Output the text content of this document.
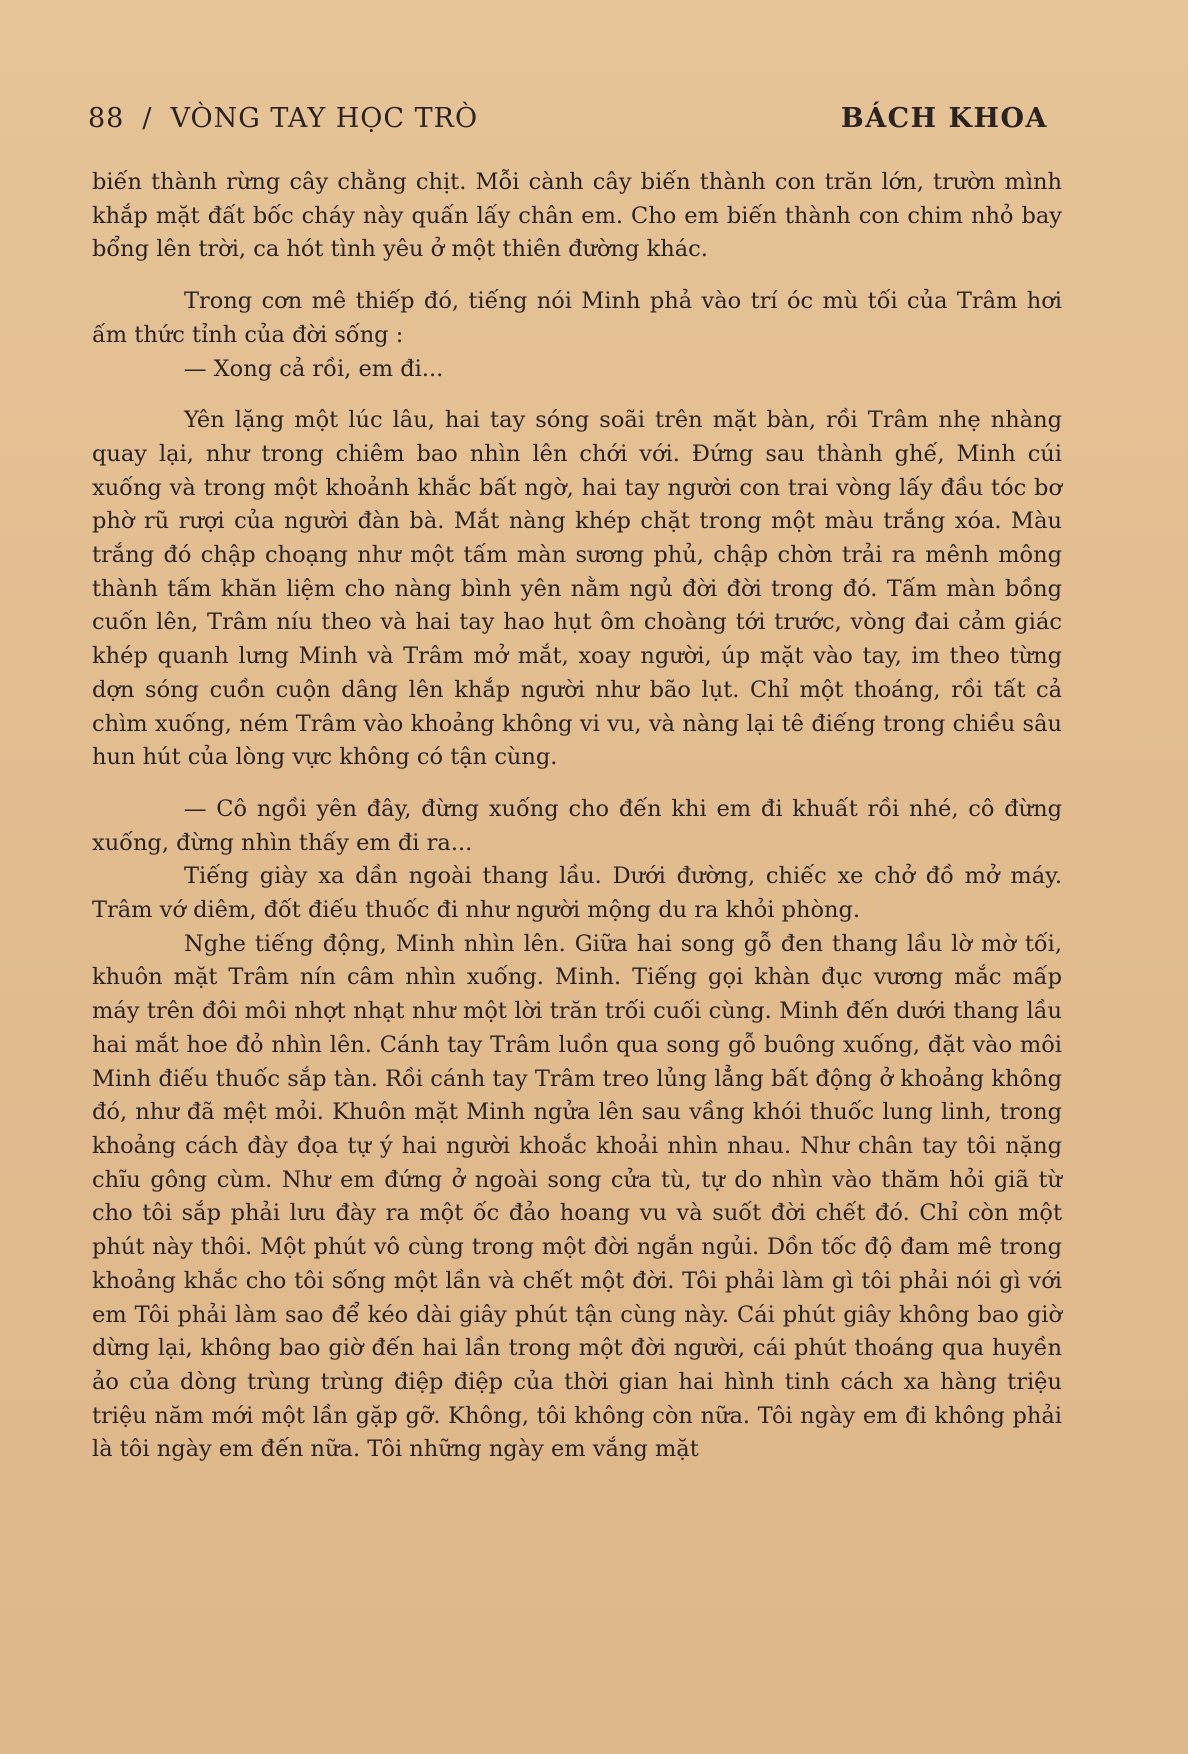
88 / VÒNG TAY HỌC TRÒ	BÁCH KHOA

biến thành rừng cây chằng chịt. Mỗi cành cây biến thành con trăn lớn, trườn mình khắp mặt đất bốc cháy này quấn lấy chân em. Cho em biến thành con chim nhỏ bay bổng lên trời, ca hót tình yêu ở một thiên đường khác.

Trong cơn mê thiếp đó, tiếng nói Minh phả vào trí óc mù tối của Trâm hơi ấm thức tỉnh của đời sống :

— Xong cả rồi, em đi...

Yên lặng một lúc lâu, hai tay sóng soãi trên mặt bàn, rồi Trâm nhẹ nhàng quay lại, như trong chiêm bao nhìn lên chới với. Đứng sau thành ghế, Minh cúi xuống và trong một khoảnh khắc bất ngờ, hai tay người con trai vòng lấy đầu tóc bơ phờ rũ rượi của người đàn bà. Mắt nàng khép chặt trong một màu trắng xóa. Màu trắng đó chập choạng như một tấm màn sương phủ, chập chờn trải ra mênh mông thành tấm khăn liệm cho nàng bình yên nằm ngủ đời đời trong đó. Tấm màn bồng cuốn lên, Trâm níu theo và hai tay hao hụt ôm choàng tới trước, vòng đai cảm giác khép quanh lưng Minh và Trâm mở mắt, xoay người, úp mặt vào tay, im theo từng dợn sóng cuồn cuộn dâng lên khắp người như bão lụt. Chỉ một thoáng, rồi tất cả chìm xuống, ném Trâm vào khoảng không vi vu, và nàng lại tê điếng trong chiều sâu hun hút của lòng vực không có tận cùng.

— Cô ngồi yên đây, đừng xuống cho đến khi em đi khuất rồi nhé, cô đừng xuống, đừng nhìn thấy em đi ra...

Tiếng giày xa dần ngoài thang lầu. Dưới đường, chiếc xe chở đồ mở máy. Trâm vớ diêm, đốt điếu thuốc đi như người mộng du ra khỏi phòng.

Nghe tiếng động, Minh nhìn lên. Giữa hai song gỗ đen thang lầu lờ mờ tối, khuôn mặt Trâm nín câm nhìn xuống. Minh. Tiếng gọi khàn đục vương mắc mấp máy trên đôi môi nhợt nhạt như một lời trăn trối cuối cùng. Minh đến dưới thang lầu hai mắt hoe đỏ nhìn lên. Cánh tay Trâm luồn qua song gỗ buông xuống, đặt vào môi Minh điếu thuốc sắp tàn. Rồi cánh tay Trâm treo lủng lẳng bất động ở khoảng không đó, như đã mệt mỏi. Khuôn mặt Minh ngửa lên sau vầng khói thuốc lung linh, trong khoảng cách đày đọa tự ý hai người khoắc khoải nhìn nhau. Như chân tay tôi nặng chĩu gông cùm. Như em đứng ở ngoài song cửa tù, tự do nhìn vào thăm hỏi giã từ cho tôi sắp phải lưu đày ra một ốc đảo hoang vu và suốt đời chết đó. Chỉ còn một phút này thôi. Một phút vô cùng trong một đời ngắn ngủi. Dồn tốc độ đam mê trong khoảng khắc cho tôi sống một lần và chết một đời. Tôi phải làm gì tôi phải nói gì với em Tôi phải làm sao để kéo dài giây phút tận cùng này. Cái phút giây không bao giờ dừng lại, không bao giờ đến hai lần trong một đời người, cái phút thoáng qua huyền ảo của dòng trùng trùng điệp điệp của thời gian hai hình tinh cách xa hàng triệu triệu năm mới một lần gặp gỡ. Không, tôi không còn nữa. Tôi ngày em đi không phải là tôi ngày em đến nữa. Tôi những ngày em vắng mặt
